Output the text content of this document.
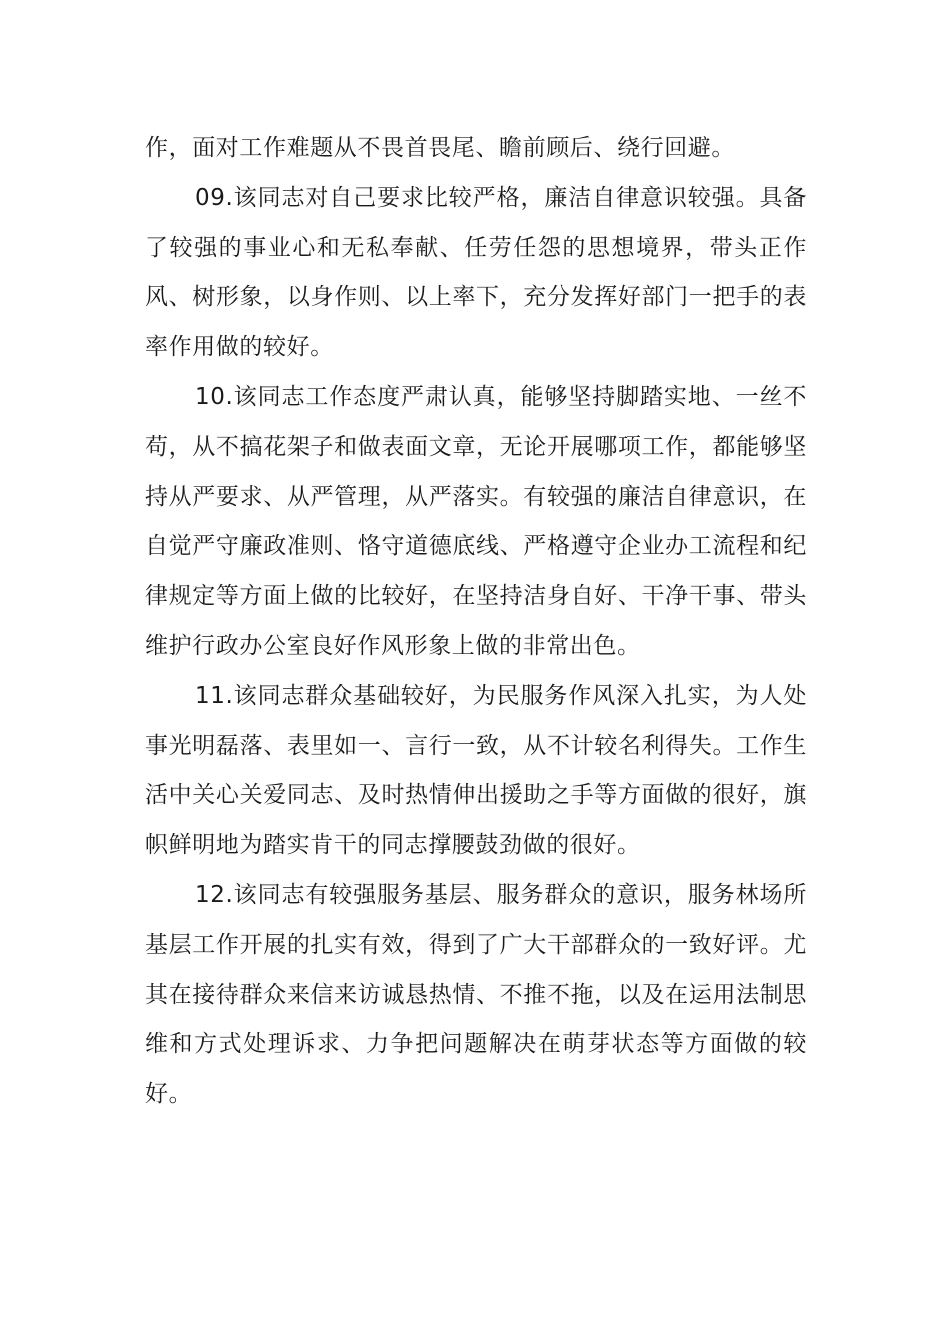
作，面对工作难题从不畏首畏尾、瞻前顾后、绕行回避。

09.该同志对自己要求比较严格，廉洁自律意识较强。具备了较强的事业心和无私奉献、任劳任怨的思想境界，带头正作风、树形象，以身作则、以上率下，充分发挥好部门一把手的表率作用做的较好。

10.该同志工作态度严肃认真，能够坚持脚踏实地、一丝不苟，从不搞花架子和做表面文章，无论开展哪项工作，都能够坚持从严要求、从严管理，从严落实。有较强的廉洁自律意识，在自觉严守廉政准则、恪守道德底线、严格遵守企业办工流程和纪律规定等方面上做的比较好，在坚持洁身自好、干净干事、带头维护行政办公室良好作风形象上做的非常出色。

11.该同志群众基础较好，为民服务作风深入扎实，为人处事光明磊落、表里如一、言行一致，从不计较名利得失。工作生活中关心关爱同志、及时热情伸出援助之手等方面做的很好，旗帜鲜明地为踏实肯干的同志撑腰鼓劲做的很好。

12.该同志有较强服务基层、服务群众的意识，服务林场所基层工作开展的扎实有效，得到了广大干部群众的一致好评。尤其在接待群众来信来访诚恳热情、不推不拖，以及在运用法制思维和方式处理诉求、力争把问题解决在萌芽状态等方面做的较好。
